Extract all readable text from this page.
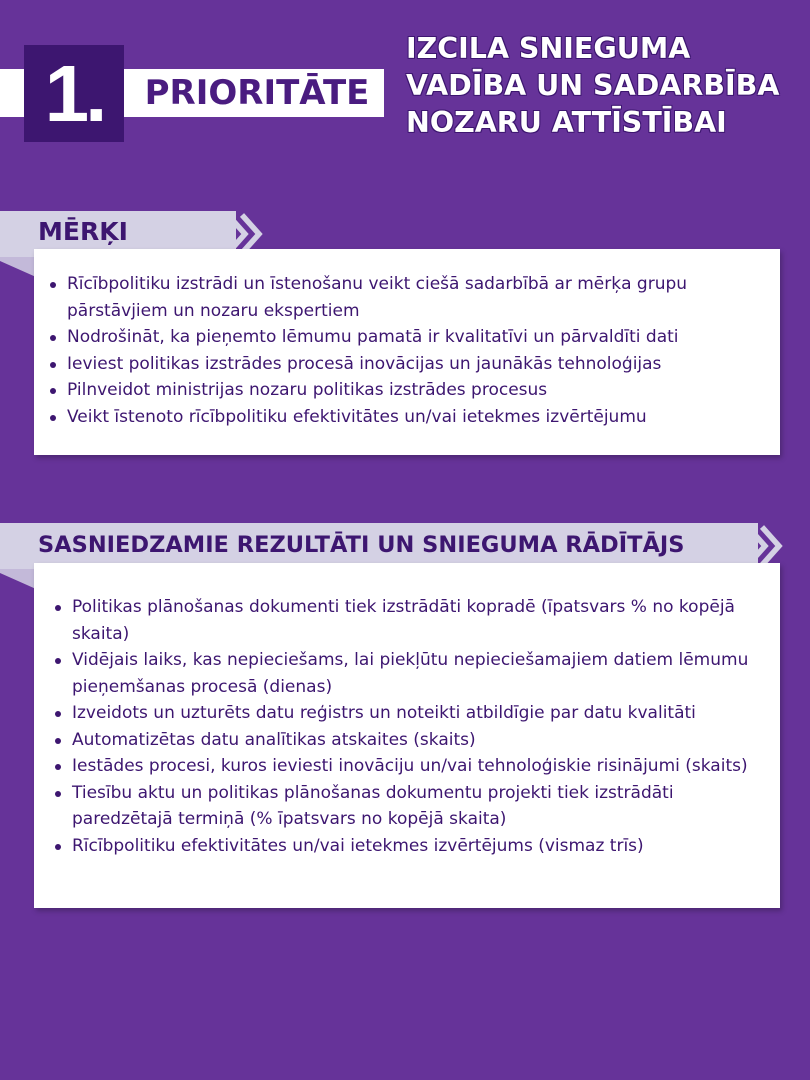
1.	PRIORITĀTE
IZCILA SNIEGUMA
VADĪBA UN SADARBĪBA
NOZARU ATTĪSTĪBAI
MĒRĶI
Rīcībpolitiku izstrādi un īstenošanu veikt ciešā sadarbībā ar mērķa grupu pārstāvjiem un nozaru ekspertiem
Nodrošināt, ka pieņemto lēmumu pamatā ir kvalitatīvi un pārvaldīti dati
Ieviest politikas izstrādes procesā inovācijas un jaunākās tehnoloģijas
Pilnveidot ministrijas nozaru politikas izstrādes procesus
Veikt īstenoto rīcībpolitiku efektivitātes un/vai ietekmes izvērtējumu
SASNIEDZAMIE REZULTĀTI UN SNIEGUMA RĀDĪTĀJS
Politikas plānošanas dokumenti tiek izstrādāti kopradē (īpatsvars % no kopējā skaita)
Vidējais laiks, kas nepieciešams, lai piekļūtu nepieciešamajiem datiem lēmumu pieņemšanas procesā (dienas)
Izveidots un uzturēts datu reģistrs un noteikti atbildīgie par datu kvalitāti
Automatizētas datu analītikas atskaites (skaits)
Iestādes procesi, kuros ieviesti inovāciju un/vai tehnoloģiskie risinājumi (skaits)
Tiesību aktu un politikas plānošanas dokumentu projekti tiek izstrādāti paredzētajā termiņā (% īpatsvars no kopējā skaita)
Rīcībpolitiku efektivitātes un/vai ietekmes izvērtējums (vismaz trīs)
